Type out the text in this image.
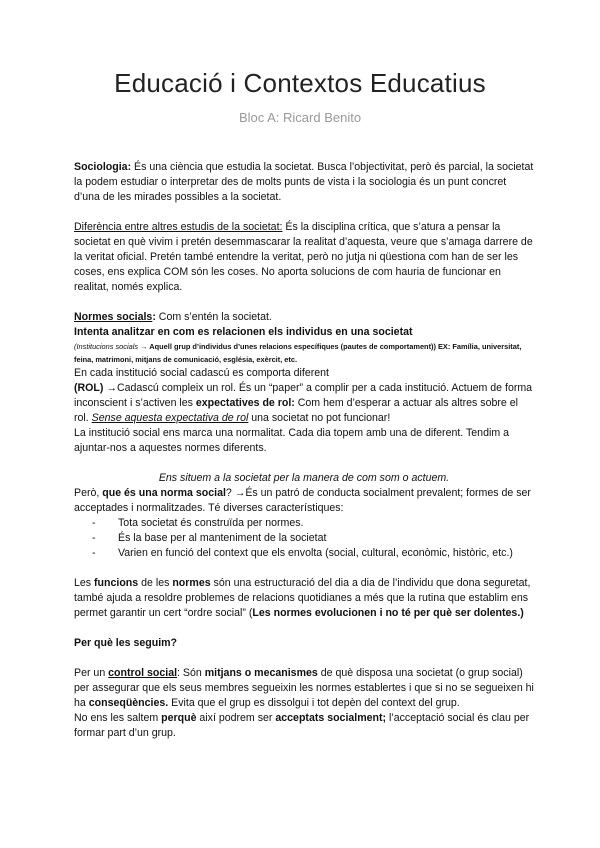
Educació i Contextos Educatius
Bloc A: Ricard Benito

Sociologia: És una ciència que estudia la societat. Busca l’objectivitat, però és parcial, la societat la podem estudiar o interpretar des de molts punts de vista i la sociologia és un punt concret d’una de les mirades possibles a la societat.

Diferència entre altres estudis de la societat: És la disciplina crítica, que s’atura a pensar la societat en què vivim i pretén desemmascarar la realitat d’aquesta, veure que s’amaga darrere de la veritat oficial. Pretén també entendre la veritat, però no jutja ni qüestiona com han de ser les coses, ens explica COM són les coses. No aporta solucions de com hauria de funcionar en realitat, només explica.

Normes socials: Com s’entén la societat.

Intenta analitzar en com es relacionen els individus en una societat

(Institucions socials → Aquell grup d’individus d’unes relacions específiques (pautes de comportament)) EX: Família, universitat, feina, matrimoni, mitjans de comunicació, església, exèrcit, etc.

En cada institució social cadascú es comporta diferent

(ROL) →Cadascú compleix un rol. És un “paper” a complir per a cada institució. Actuem de forma inconscient i s’activen les expectatives de rol: Com hem d’esperar a actuar als altres sobre el rol. Sense aquesta expectativa de rol una societat no pot funcionar!

La institució social ens marca una normalitat. Cada dia topem amb una de diferent. Tendim a ajuntar-nos a aquestes normes diferents.

Ens situem a la societat per la manera de com som o actuem.

Però, que és una norma social? →És un patró de conducta socialment prevalent; formes de ser acceptades i normalitzades. Té diverses característiques:

- Tota societat és construïda per normes.
- És la base per al manteniment de la societat
- Varien en funció del context que els envolta (social, cultural, econòmic, històric, etc.)

Les funcions de les normes són una estructuració del dia a dia de l’individu que dona seguretat, també ajuda a resoldre problemes de relacions quotidianes a més que la rutina que establim ens permet garantir un cert “ordre social” (Les normes evolucionen i no té per què ser dolentes.)

Per què les seguim?

Per un control social: Són mitjans o mecanismes de què disposa una societat (o grup social) per assegurar que els seus membres segueixin les normes establertes i que si no se segueixen hi ha conseqüències. Evita que el grup es dissolgui i tot depèn del context del grup.

No ens les saltem perquè així podrem ser acceptats socialment; l’acceptació social és clau per formar part d’un grup.
